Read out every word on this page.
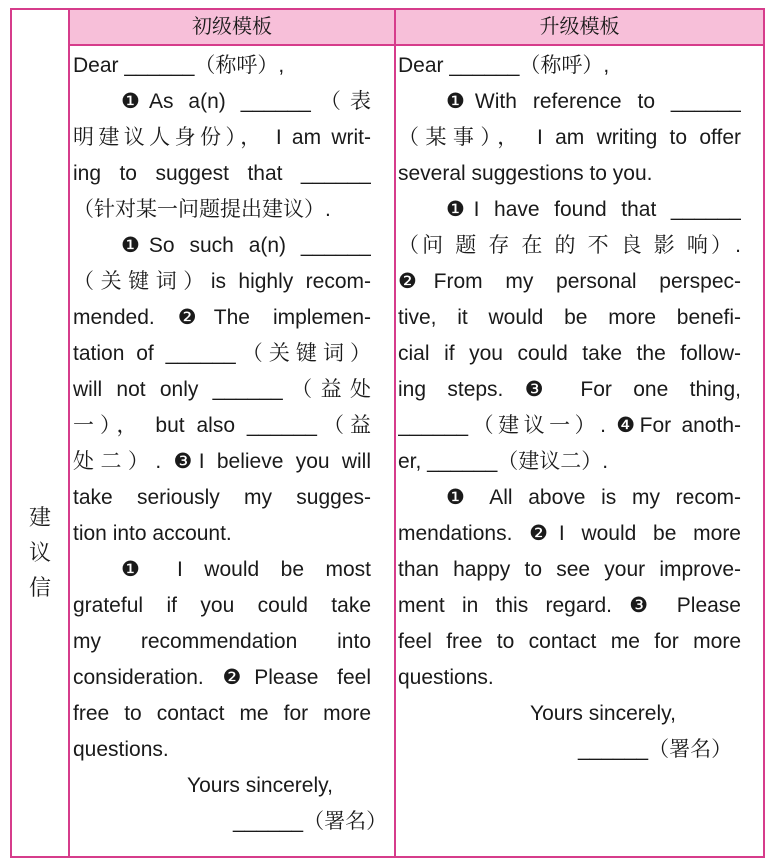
建
议
信
初级模板	升级模板
Dear ______（称呼）,
❶As a(n) ______（表
明建议人身份）， I am writ-
ing to suggest that ______
（针对某一问题提出建议）.
❶So such a(n) ______
（关键词）is highly recom-
mended. ❷The implemen-
tation of ______（关键词）
will not only ______（益处
一）， but also ______（益
处二）. ❸I believe you will
take seriously my sugges-
tion into account.
❶ I would be most
grateful if you could take
my recommendation into
consideration. ❷Please feel
free to contact me for more
questions.
Yours sincerely,
______（署名）
Dear ______（称呼）,
❶With reference to ______
（某事）， I am writing to offer
several suggestions to you.
❶I have found that ______
（问 题 存 在 的 不 良 影 响）.
❷From my personal perspec-
tive, it would be more benefi-
cial if you could take the follow-
ing steps. ❸ For one thing,
______（建议一）. ❹For anoth-
er, ______（建议二）.
❶ All above is my recom-
mendations. ❷I would be more
than happy to see your improve-
ment in this regard. ❸ Please
feel free to contact me for more
questions.
Yours sincerely,
______（署名）
